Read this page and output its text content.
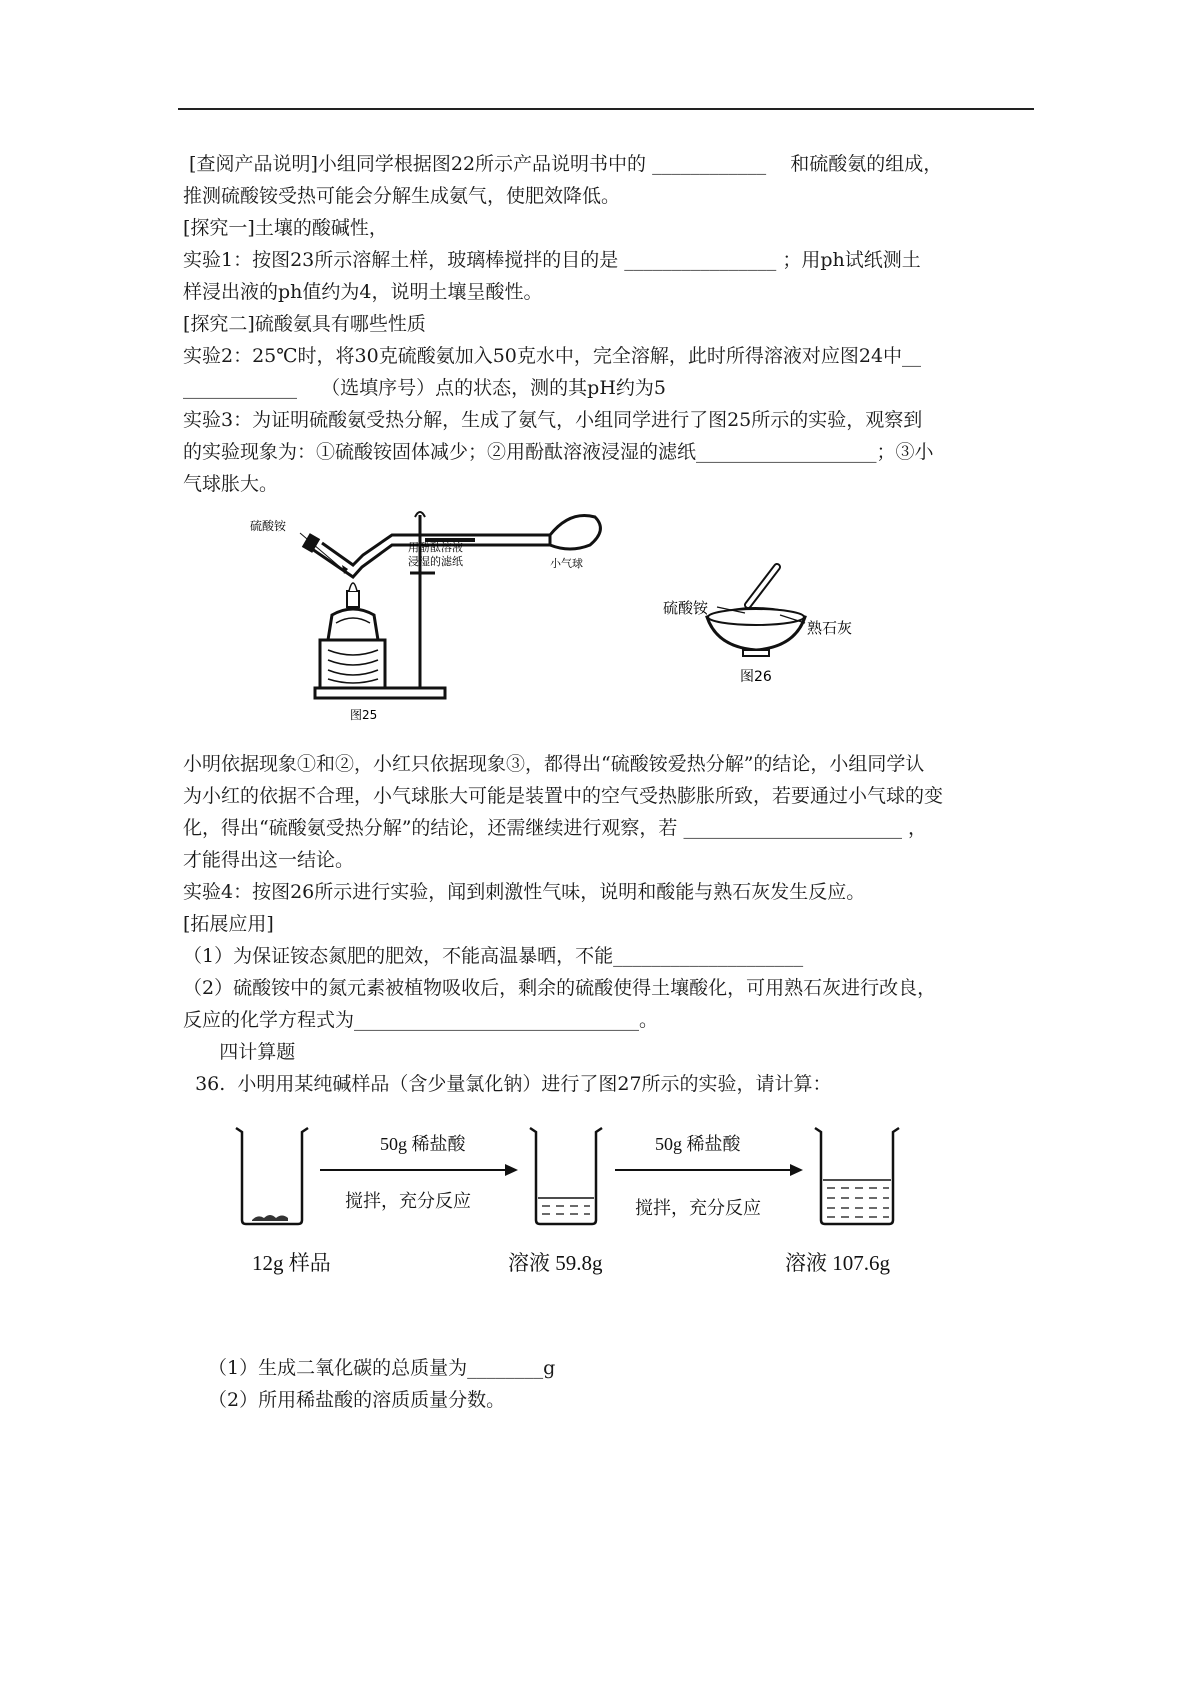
[查阅产品说明]小组同学根据图22所示产品说明书中的 ____________    和硫酸氨的组成，
推测硫酸铵受热可能会分解生成氨气，使肥效降低。
[探究一]土壤的酸碱性，
实验1：按图23所示溶解土样，玻璃棒搅拌的目的是 ________________ ；用ph试纸测土
样浸出液的ph值约为4，说明土壤呈酸性。
[探究二]硫酸氨具有哪些性质
实验2：25℃时，将30克硫酸氨加入50克水中，完全溶解，此时所得溶液对应图24中__
____________    （选填序号）点的状态，测的其pH约为5
实验3：为证明硫酸氨受热分解，生成了氨气，小组同学进行了图25所示的实验，观察到
的实验现象为：①硫酸铵固体减少；②用酚酞溶液浸湿的滤纸___________________；③小
气球胀大。
硫酸铵
用酚酞溶液
浸湿的滤纸	小气球
图25
硫酸铵
熟石灰
图26
小明依据现象①和②，小红只依据现象③，都得出“硫酸铵爱热分解”的结论，小组同学认
为小红的依据不合理，小气球胀大可能是装置中的空气受热膨胀所致，若要通过小气球的变
化，得出“硫酸氨受热分解”的结论，还需继续进行观察，若 _______________________ ，
才能得出这一结论。
实验4：按图26所示进行实验，闻到刺激性气味，说明和酸能与熟石灰发生反应。
[拓展应用]
（1）为保证铵态氮肥的肥效，不能高温暴晒，不能____________________
（2）硫酸铵中的氮元素被植物吸收后，剩余的硫酸使得土壤酸化，可用熟石灰进行改良，
反应的化学方程式为______________________________。
四计算题
36.  小明用某纯碱样品（含少量氯化钠）进行了图27所示的实验，请计算：
50g 稀盐酸
搅拌，充分反应
50g 稀盐酸
搅拌，充分反应
12g 样品	溶液 59.8g	溶液 107.6g
（1）生成二氧化碳的总质量为________g
（2）所用稀盐酸的溶质质量分数。
